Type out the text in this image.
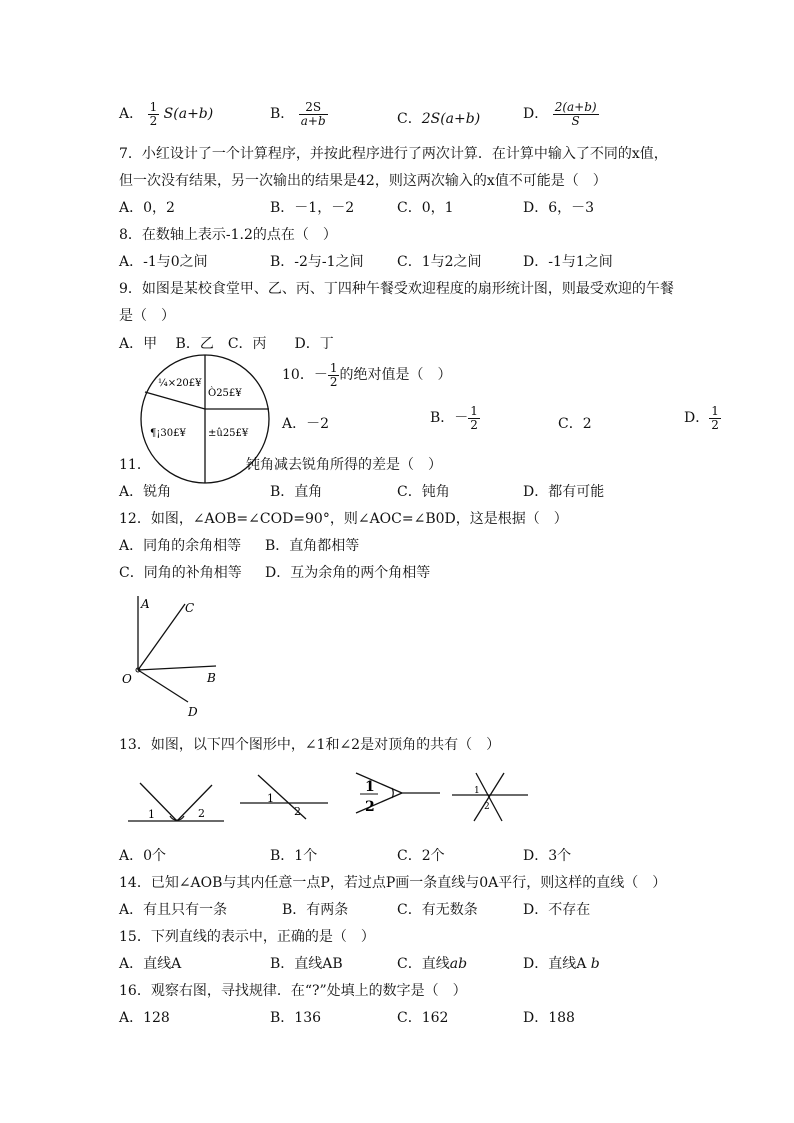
A． $\frac{1}{2} S(a+b)$	B． $\frac{2S}{a+b}$	C．2S(a+b)	D． $\frac{2(a+b)}{S}$
7．小红设计了一个计算程序，并按此程序进行了两次计算．在计算中输入了不同的x值，
但一次没有结果，另一次输出的结果是42，则这两次输入的x值不可能是（　）
A．0，2	B．－1，－2	C．0，1	D．6，－3
8．在数轴上表示-1.2的点在（　）
A．-1与0之间	B．-2与-1之间 C．1与2之间	D．-1与1之间
9．如图是某校食堂甲、乙、丙、丁四种午餐受欢迎程度的扇形统计图，则最受欢迎的午餐
是（　）
A．甲　 B．乙　C．丙　　D．丁
¼×20£¥
Ò25£¥
¶¡30£¥ ±û25£¥
10．－ $\frac{1}{2}$ 的绝对值是（　）
A．－2	B．－ $\frac{1}{2}$	C．2	D． $\frac{1}{2}$
11．	钝角减去锐角所得的差是（　）
A．锐角	B．直角	C．钝角	D．都有可能
12．如图，∠AOB=∠COD=90°，则∠AOC=∠B0D，这是根据（　）
A．同角的余角相等 B．直角都相等
C．同角的补角相等 D．互为余角的两个角相等
A	C
B
D
O
13．如图，以下四个图形中，∠1和∠2是对顶角的共有（　）
1	2
1
2
1
2
1
2
A．0个	B．1个	C．2个	D．3个
14．已知∠AOB与其内任意一点P，若过点P画一条直线与0A平行，则这样的直线（　）
A．有且只有一条	B．有两条	C．有无数条	D．不存在
15．下列直线的表示中，正确的是（　）
A．直线A	B．直线AB	C．直线ab	D．直线A b
16．观察右图，寻找规律．在“?”处填上的数字是（　）
A．128	B．136	C．162	D．188
